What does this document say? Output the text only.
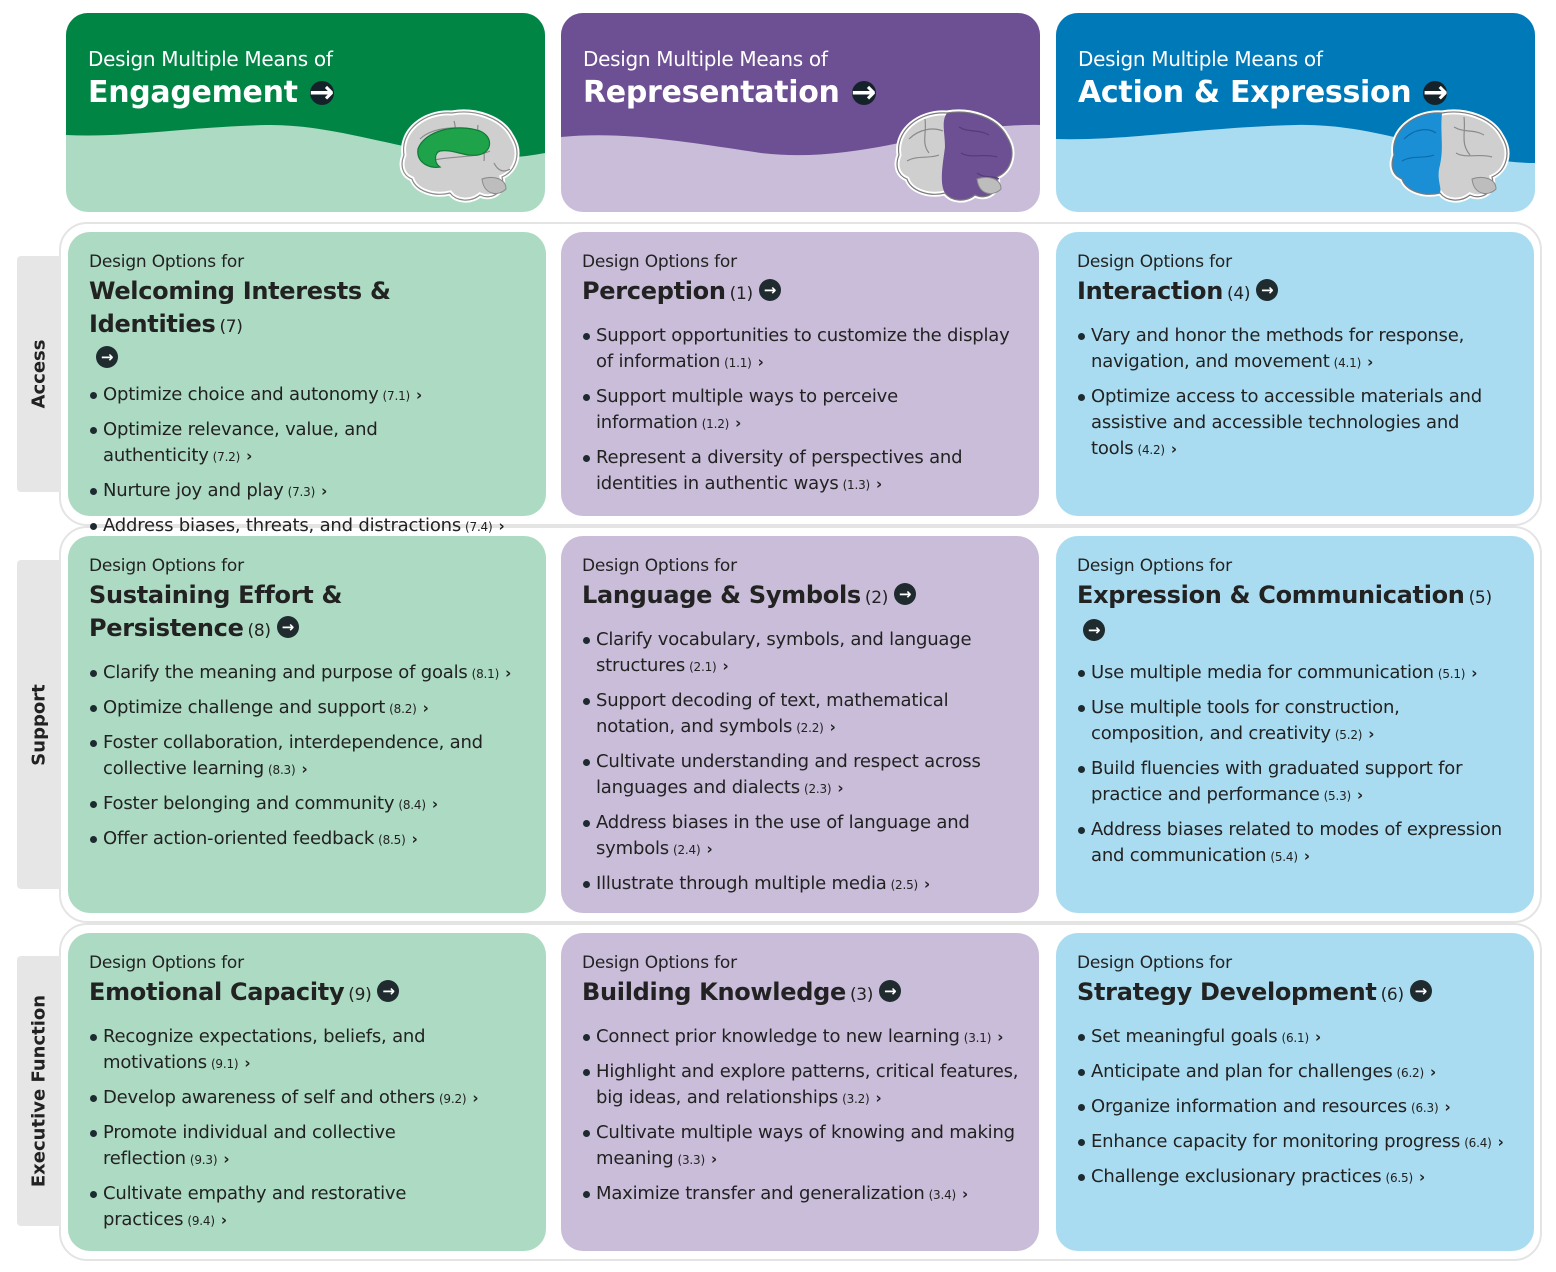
Design Multiple Means of
Engagement →
Design Multiple Means of
Representation →
Design Multiple Means of
Action & Expression →
Access
Support
Executive Function
Design Options for
Welcoming Interests & Identities (7)
→
Optimize choice and autonomy (7.1) ›
Optimize relevance, value, and authenticity (7.2) ›
Nurture joy and play (7.3) ›
Address biases, threats, and distractions (7.4) ›
Design Options for
Perception (1) →
Support opportunities to customize the display of information (1.1) ›
Support multiple ways to perceive information (1.2) ›
Represent a diversity of perspectives and identities in authentic ways (1.3) ›
Design Options for
Interaction (4) →
Vary and honor the methods for response, navigation, and movement (4.1) ›
Optimize access to accessible materials and assistive and accessible technologies and tools (4.2) ›
Design Options for
Sustaining Effort & Persistence (8) →
Clarify the meaning and purpose of goals (8.1) ›
Optimize challenge and support (8.2) ›
Foster collaboration, interdependence, and collective learning (8.3) ›
Foster belonging and community (8.4) ›
Offer action-oriented feedback (8.5) ›
Design Options for
Language & Symbols (2) →
Clarify vocabulary, symbols, and language structures (2.1) ›
Support decoding of text, mathematical notation, and symbols (2.2) ›
Cultivate understanding and respect across languages and dialects (2.3) ›
Address biases in the use of language and symbols (2.4) ›
Illustrate through multiple media (2.5) ›
Design Options for
Expression & Communication (5)→
Use multiple media for communication (5.1) ›
Use multiple tools for construction, composition, and creativity (5.2) ›
Build fluencies with graduated support for practice and performance (5.3) ›
Address biases related to modes of expression and communication (5.4) ›
Design Options for
Emotional Capacity (9) →
Recognize expectations, beliefs, and motivations (9.1) ›
Develop awareness of self and others (9.2) ›
Promote individual and collective reflection (9.3) ›
Cultivate empathy and restorative practices (9.4) ›
Design Options for
Building Knowledge (3) →
Connect prior knowledge to new learning (3.1) ›
Highlight and explore patterns, critical features, big ideas, and relationships (3.2) ›
Cultivate multiple ways of knowing and making meaning (3.3) ›
Maximize transfer and generalization (3.4) ›
Design Options for
Strategy Development (6) →
Set meaningful goals (6.1) ›
Anticipate and plan for challenges (6.2) ›
Organize information and resources (6.3) ›
Enhance capacity for monitoring progress (6.4) ›
Challenge exclusionary practices (6.5) ›
